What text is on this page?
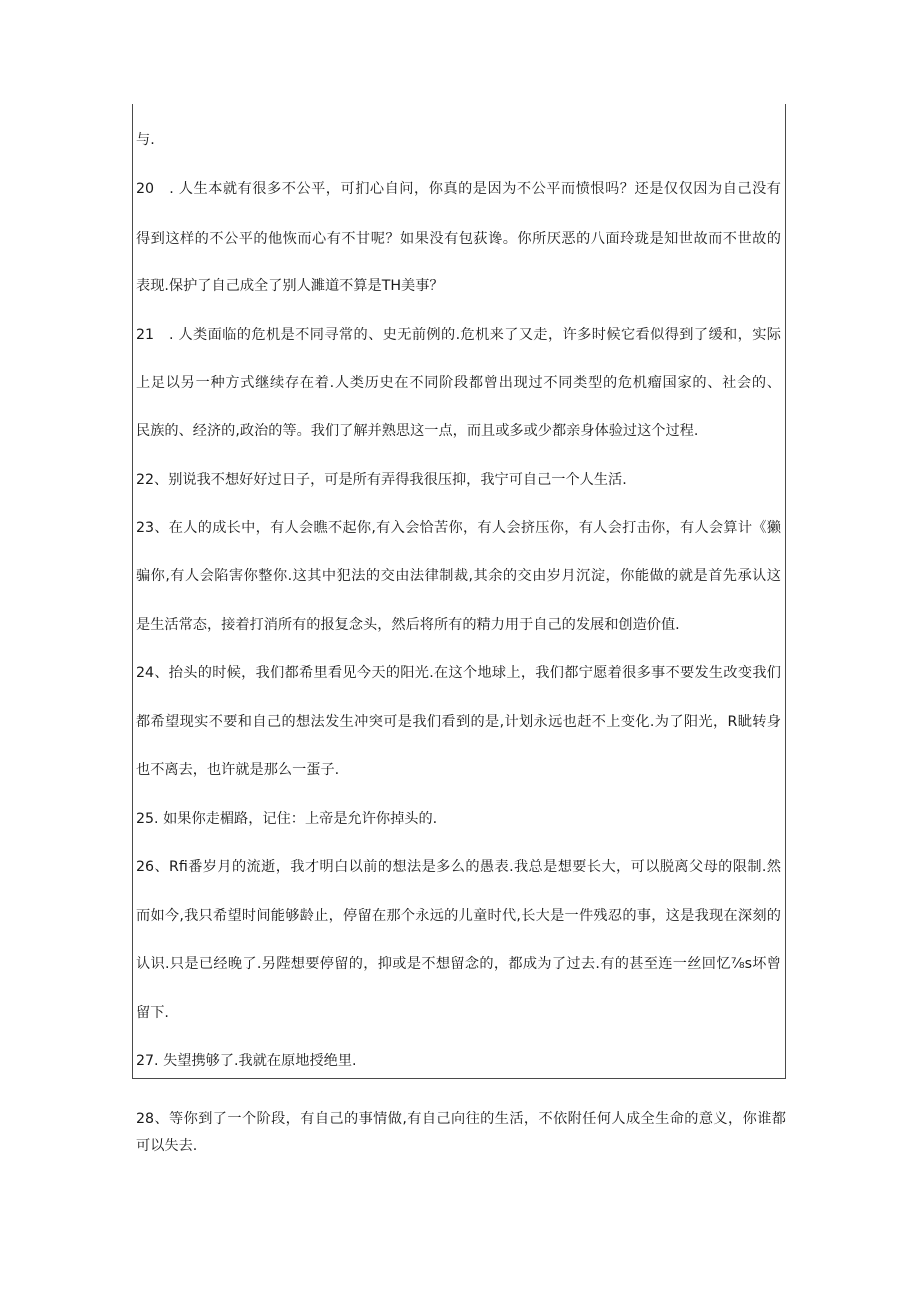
与.
20　. 人生本就有很多不公平，可扪心自问，你真的是因为不公平而愤恨吗？还是仅仅因为自己没有
得到这样的不公平的他恢而心有不甘呢？如果没有包荻谗。你所厌恶的八面玲珑是知世故而不世故的
表现.保护了自己成全了别人濉道不算是TH美事？
21　. 人类面临的危机是不同寻常的、史无前例的.危机来了又走，许多时候它看似得到了缓和，实际
上足以另一种方式继续存在着.人类历史在不同阶段都曾出现过不同类型的危机瘤国家的、社会的、
民族的、经济的,政治的等。我们了解并熟思这一点，而且或多或少都亲身体验过这个过程.
22、别说我不想好好过日子，可是所有弄得我很压抑，我宁可自己一个人生活.
23、在人的成长中，有人会瞧不起你,有入会恰苦你，有人会挤压你，有人会打击你，有人会算计《獭
骗你,有人会陷害你整你.这其中犯法的交由法律制裁,其余的交由岁月沉淀，你能做的就是首先承认这
是生活常态，接着打消所有的报复念头，然后将所有的精力用于自己的发展和创造价值.
24、抬头的时候，我们都希里看见今天的阳光.在这个地球上，我们都宁愿着很多事不要发生改变我们
都希望现实不要和自己的想法发生冲突可是我们看到的是,计划永远也赶不上变化.为了阳光，R眦转身
也不离去，也许就是那么一蛋子.
25. 如果你走楣路，记住：上帝是允许你掉头的.
26、Rfi番岁月的流逝，我才明白以前的想法是多么的愚表.我总是想要长大，可以脱离父母的限制.然
而如今,我只希望时间能够龄止，停留在那个永远的儿童时代,长大是一件残忍的事，这是我现在深刻的
认识.只是已经晚了.另陛想要停留的，抑或是不想留念的，都成为了过去.有的甚至连一丝回忆⅞s坏曾
留下.
27. 失望携够了.我就在原地授绝里.
28、等你到了一个阶段，有自己的事情做,有自己向往的生活，不依附任何人成全生命的意义，你谁都
可以失去.
